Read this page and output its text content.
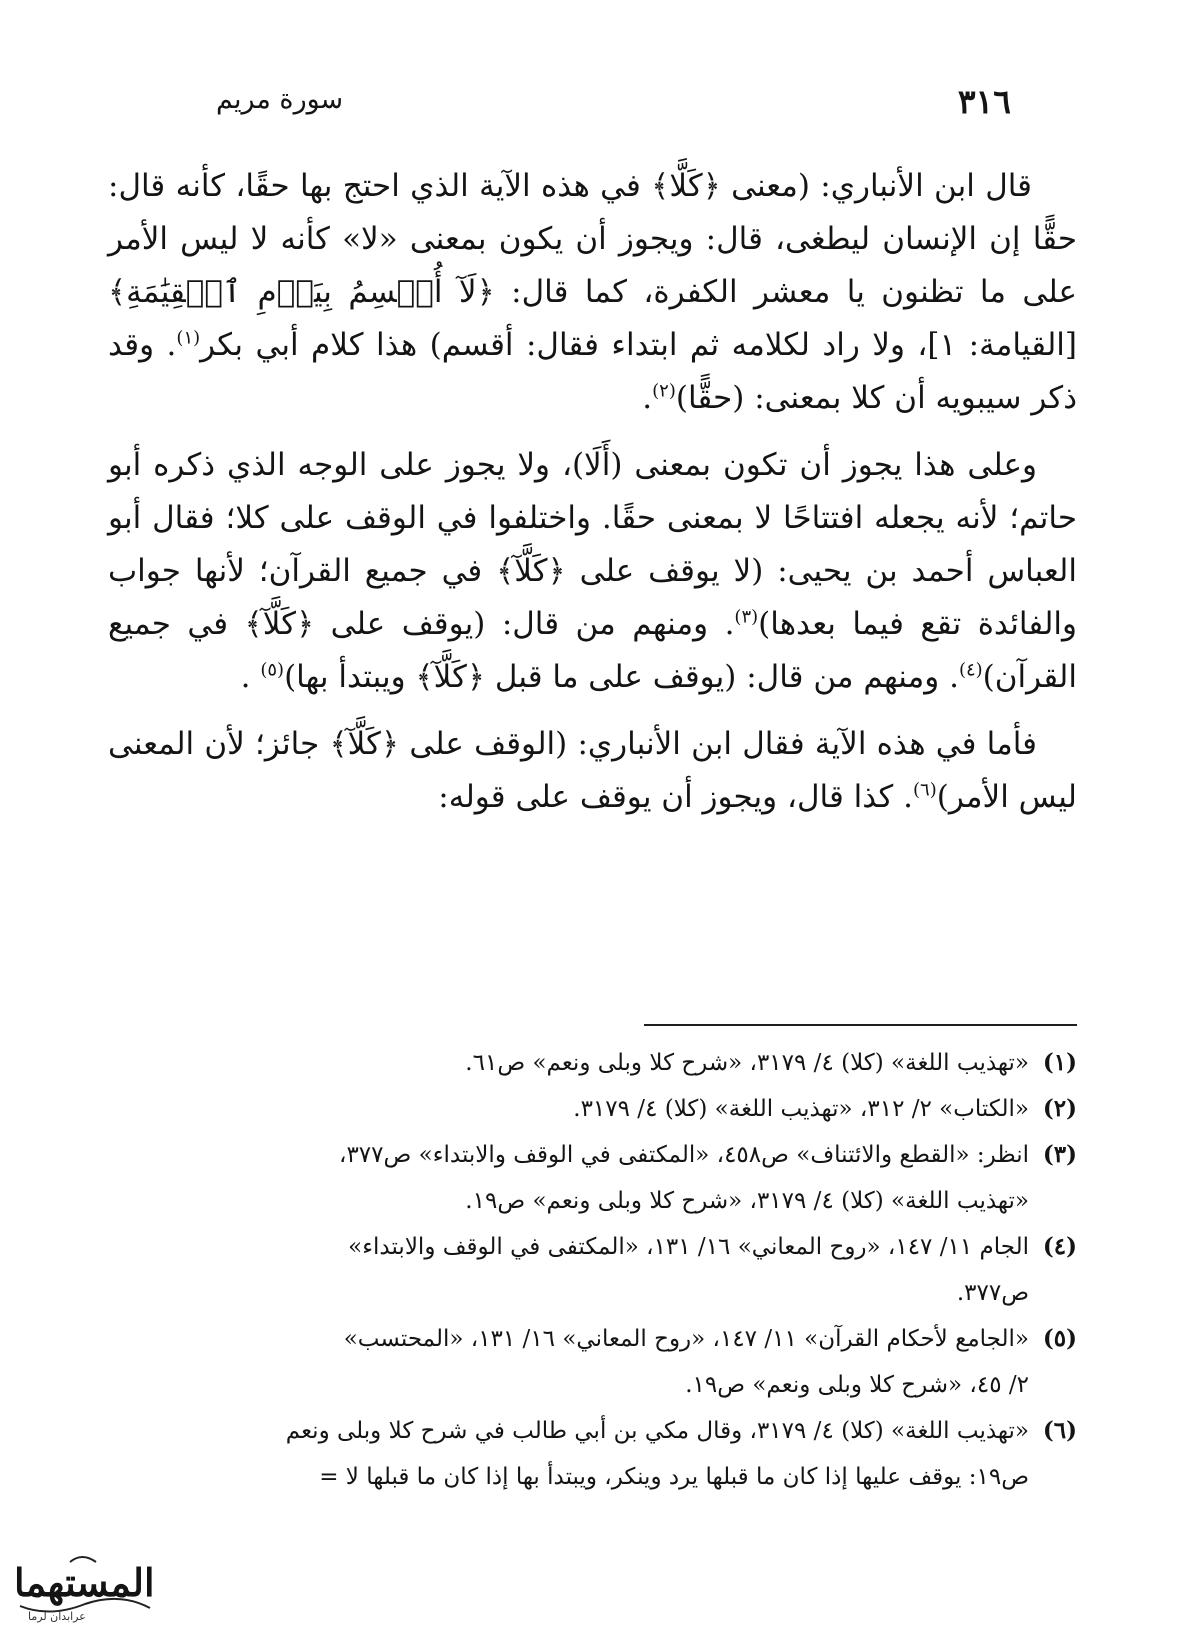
٣١٦
سورة مريم

قال ابن الأنباري: (معنى ﴿كَلَّا﴾ في هذه الآية الذي احتج بها حقًا، كأنه قال: حقًّا إن الإنسان ليطغى، قال: ويجوز أن يكون بمعنى «لا» كأنه لا ليس الأمر على ما تظنون يا معشر الكفرة، كما قال: ﴿لَآ أُقۡسِمُ بِيَوۡمِ ٱلۡقِيَٰمَةِ﴾ [القيامة: ١]، ولا راد لكلامه ثم ابتداء فقال: أقسم) هذا كلام أبي بكر$^{(١)}$. وقد ذكر سيبويه أن كلا بمعنى: (حقًّا)$^{(٢)}$.

وعلى هذا يجوز أن تكون بمعنى (أَلَا)، ولا يجوز على الوجه الذي ذكره أبو حاتم؛ لأنه يجعله افتتاحًا لا بمعنى حقًا. واختلفوا في الوقف على كلا؛ فقال أبو العباس أحمد بن يحيى: (لا يوقف على ﴿كَلَّآ﴾ في جميع القرآن؛ لأنها جواب والفائدة تقع فيما بعدها)$^{(٣)}$. ومنهم من قال: (يوقف على ﴿كَلَّآ﴾ في جميع القرآن)$^{(٤)}$. ومنهم من قال: (يوقف على ما قبل ﴿كَلَّآ﴾ ويبتدأ بها)$^{(٥)}$ .

فأما في هذه الآية فقال ابن الأنباري: (الوقف على ﴿كَلَّآ﴾ جائز؛ لأن المعنى ليس الأمر)$^{(٦)}$. كذا قال، ويجوز أن يوقف على قوله:

(١)
«تهذيب اللغة» (كلا) ٤/ ٣١٧٩، «شرح كلا وبلى ونعم» ص٦١.
(٢)
«الكتاب» ٢/ ٣١٢، «تهذيب اللغة» (كلا) ٤/ ٣١٧٩.
(٣)
انظر: «القطع والائتناف» ص٤٥٨، «المكتفى في الوقف والابتداء» ص٣٧٧،
«تهذيب اللغة» (كلا) ٤/ ٣١٧٩، «شرح كلا وبلى ونعم» ص١٩.
(٤)
الجام ١١/ ١٤٧، «روح المعاني» ١٦/ ١٣١، «المكتفى في الوقف والابتداء»
ص٣٧٧.
(٥)
«الجامع لأحكام القرآن» ١١/ ١٤٧، «روح المعاني» ١٦/ ١٣١، «المحتسب»
٢/ ٤٥، «شرح كلا وبلى ونعم» ص١٩.
(٦)
«تهذيب اللغة» (كلا) ٤/ ٣١٧٩، وقال مكي بن أبي طالب في شرح كلا وبلى ونعم
ص١٩: يوقف عليها إذا كان ما قبلها يرد وينكر، ويبتدأ بها إذا كان ما قبلها لا =
المستهما
عرابدان لرما
